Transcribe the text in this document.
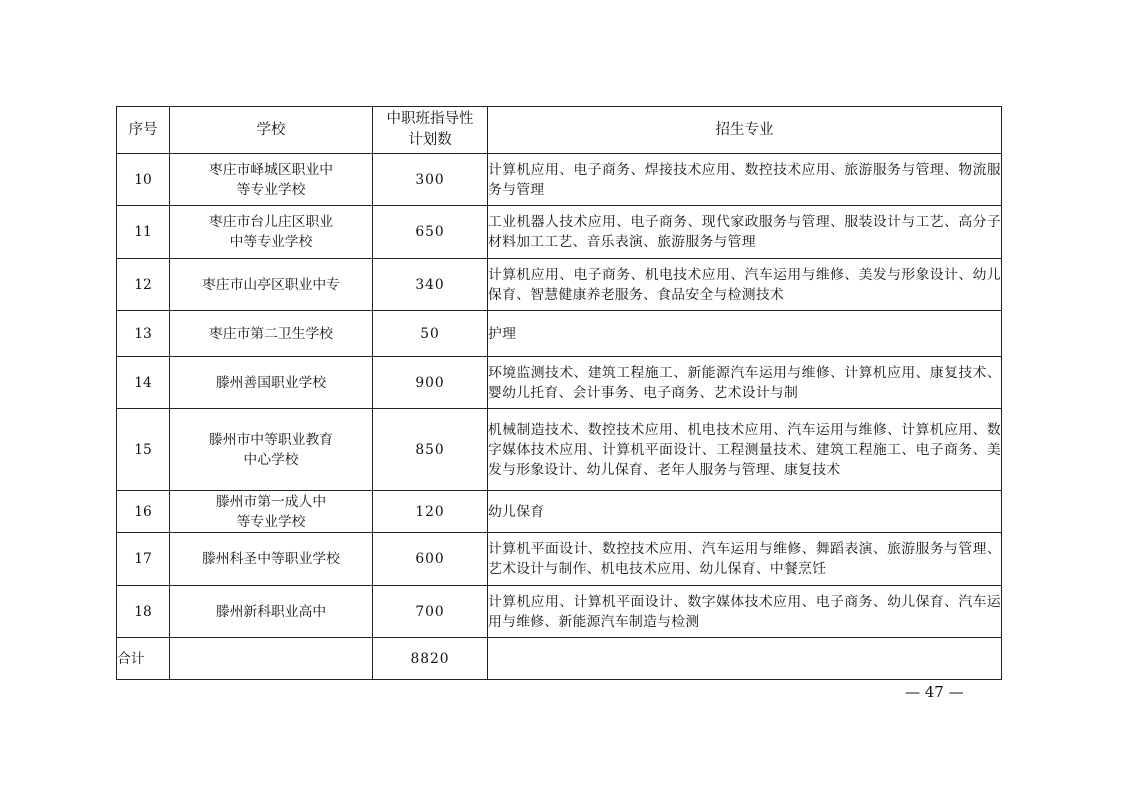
序号	学校	中职班指导性计划数	招生专业
10	枣庄市峄城区职业中等专业学校	300	计算机应用、电子商务、焊接技术应用、数控技术应用、旅游服务与管理、物流服务与管理
11	枣庄市台儿庄区职业中等专业学校	650	工业机器人技术应用、电子商务、现代家政服务与管理、服装设计与工艺、高分子材料加工工艺、音乐表演、旅游服务与管理
12	枣庄市山亭区职业中专	340	计算机应用、电子商务、机电技术应用、汽车运用与维修、美发与形象设计、幼儿保育、智慧健康养老服务、食品安全与检测技术
13	枣庄市第二卫生学校	50	护理
14	滕州善国职业学校	900	环境监测技术、建筑工程施工、新能源汽车运用与维修、计算机应用、康复技术、婴幼儿托育、会计事务、电子商务、艺术设计与制
15	滕州市中等职业教育中心学校	850	机械制造技术、数控技术应用、机电技术应用、汽车运用与维修、计算机应用、数字媒体技术应用、计算机平面设计、工程测量技术、建筑工程施工、电子商务、美发与形象设计、幼儿保育、老年人服务与管理、康复技术
16	滕州市第一成人中等专业学校	120	幼儿保育
17	滕州科圣中等职业学校	600	计算机平面设计、数控技术应用、汽车运用与维修、舞蹈表演、旅游服务与管理、艺术设计与制作、机电技术应用、幼儿保育、中餐烹饪
18	滕州新科职业高中	700	计算机应用、计算机平面设计、数字媒体技术应用、电子商务、幼儿保育、汽车运用与维修、新能源汽车制造与检测
合计		8820	
— 47 —
